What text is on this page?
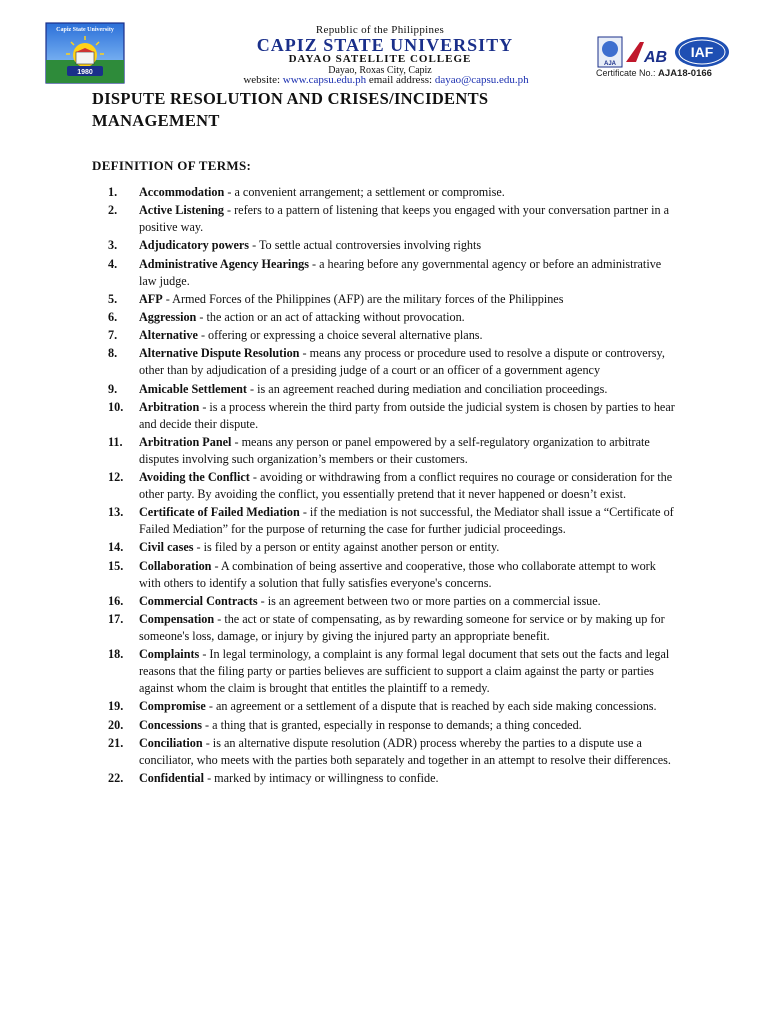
Capiz State University
1980
Republic of the Philippines
CAPIZ STATE UNIVERSITY
DAYAO SATELLITE COLLEGE
Dayao, Roxas City, Capiz
website: www.capsu.edu.ph email address: dayao@capsu.edu.ph
AJA AB IAF
Certificate No.: AJA18-0166
DISPUTE RESOLUTION AND CRISES/INCIDENTS MANAGEMENT
DEFINITION OF TERMS:
1.	Accommodation - a convenient arrangement; a settlement or compromise.
2.	Active Listening - refers to a pattern of listening that keeps you engaged with your conversation partner in a positive way.
3.	Adjudicatory powers - To settle actual controversies involving rights
4.	Administrative Agency Hearings - a hearing before any governmental agency or before an administrative law judge.
5.	AFP - Armed Forces of the Philippines (AFP) are the military forces of the Philippines
6.	Aggression - the action or an act of attacking without provocation.
7.	Alternative - offering or expressing a choice several alternative plans.
8.	Alternative Dispute Resolution - means any process or procedure used to resolve a dispute or controversy, other than by adjudication of a presiding judge of a court or an officer of a government agency
9.	Amicable Settlement - is an agreement reached during mediation and conciliation proceedings.
10.	Arbitration - is a process wherein the third party from outside the judicial system is chosen by parties to hear and decide their dispute.
11.	Arbitration Panel - means any person or panel empowered by a self-regulatory organization to arbitrate disputes involving such organization’s members or their customers.
12.	Avoiding the Conflict - avoiding or withdrawing from a conflict requires no courage or consideration for the other party. By avoiding the conflict, you essentially pretend that it never happened or doesn’t exist.
13.	Certificate of Failed Mediation - if the mediation is not successful, the Mediator shall issue a “Certificate of Failed Mediation” for the purpose of returning the case for further judicial proceedings.
14.	Civil cases - is filed by a person or entity against another person or entity.
15.	Collaboration - A combination of being assertive and cooperative, those who collaborate attempt to work with others to identify a solution that fully satisfies everyone's concerns.
16.	Commercial Contracts - is an agreement between two or more parties on a commercial issue.
17.	Compensation - the act or state of compensating, as by rewarding someone for service or by making up for someone's loss, damage, or injury by giving the injured party an appropriate benefit.
18.	Complaints - In legal terminology, a complaint is any formal legal document that sets out the facts and legal reasons that the filing party or parties believes are sufficient to support a claim against the party or parties against whom the claim is brought that entitles the plaintiff to a remedy.
19.	Compromise - an agreement or a settlement of a dispute that is reached by each side making concessions.
20.	Concessions - a thing that is granted, especially in response to demands; a thing conceded.
21.	Conciliation - is an alternative dispute resolution (ADR) process whereby the parties to a dispute use a conciliator, who meets with the parties both separately and together in an attempt to resolve their differences.
22.	Confidential - marked by intimacy or willingness to confide.
